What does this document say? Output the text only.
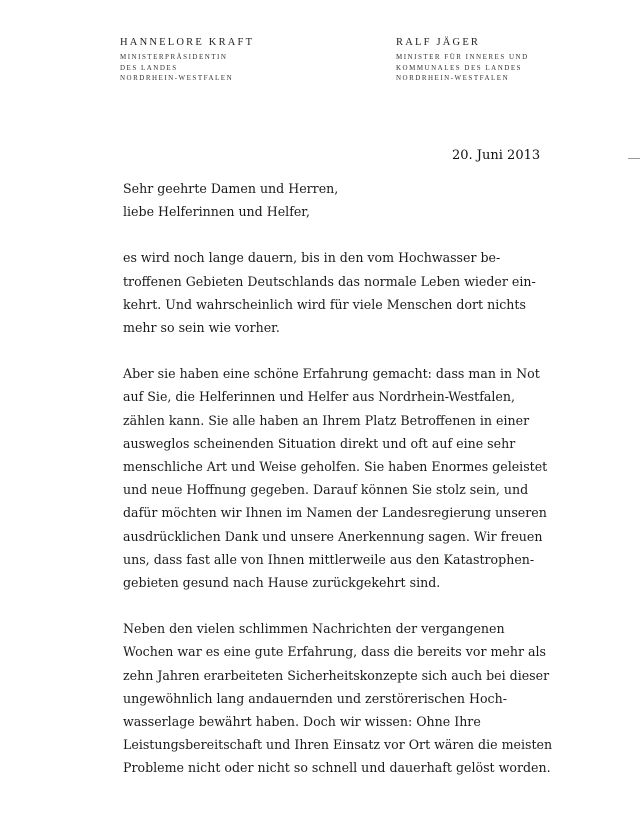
HANNELORE KRAFT
MINISTERPRÄSIDENTIN
DES LANDES
NORDRHEIN-WESTFALEN
RALF JÄGER
MINISTER FÜR INNERES UND
KOMMUNALES DES LANDES
NORDRHEIN-WESTFALEN
20. Juni 2013
Sehr geehrte Damen und Herren,
liebe Helferinnen und Helfer,
es wird noch lange dauern, bis in den vom Hochwasser be-
troffenen Gebieten Deutschlands das normale Leben wieder ein-
kehrt. Und wahrscheinlich wird für viele Menschen dort nichts
mehr so sein wie vorher.
Aber sie haben eine schöne Erfahrung gemacht: dass man in Not
auf Sie, die Helferinnen und Helfer aus Nordrhein-Westfalen,
zählen kann. Sie alle haben an Ihrem Platz Betroffenen in einer
ausweglos scheinenden Situation direkt und oft auf eine sehr
menschliche Art und Weise geholfen. Sie haben Enormes geleistet
und neue Hoffnung gegeben. Darauf können Sie stolz sein, und
dafür möchten wir Ihnen im Namen der Landesregierung unseren
ausdrücklichen Dank und unsere Anerkennung sagen. Wir freuen
uns, dass fast alle von Ihnen mittlerweile aus den Katastrophen-
gebieten gesund nach Hause zurückgekehrt sind.
Neben den vielen schlimmen Nachrichten der vergangenen
Wochen war es eine gute Erfahrung, dass die bereits vor mehr als
zehn Jahren erarbeiteten Sicherheitskonzepte sich auch bei dieser
ungewöhnlich lang andauernden und zerstörerischen Hoch-
wasserlage bewährt haben. Doch wir wissen: Ohne Ihre
Leistungsbereitschaft und Ihren Einsatz vor Ort wären die meisten
Probleme nicht oder nicht so schnell und dauerhaft gelöst worden.
